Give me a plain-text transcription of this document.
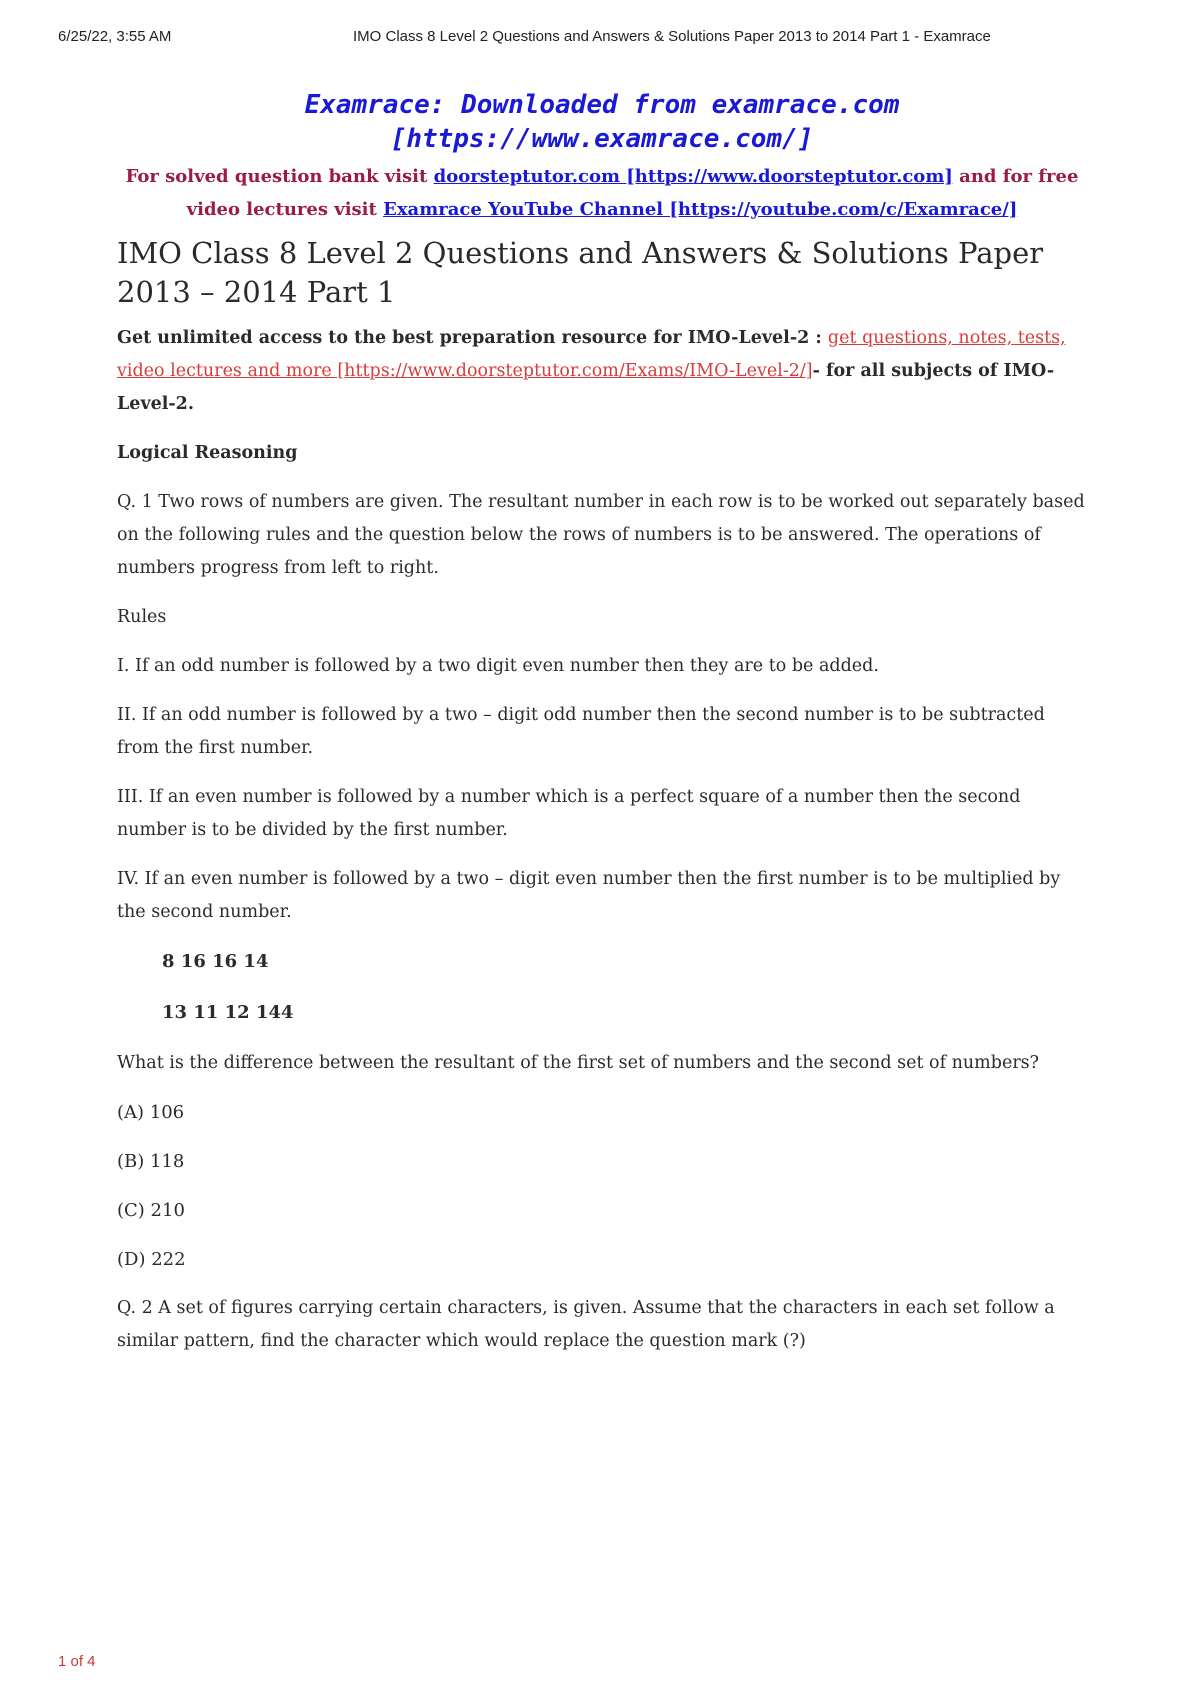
6/25/22, 3:55 AM	IMO Class 8 Level 2 Questions and Answers & Solutions Paper 2013 to 2014 Part 1 - Examrace

Examrace: Downloaded from examrace.com [https://www.examrace.com/]

For solved question bank visit doorsteptutor.com [https://www.doorsteptutor.com] and for free video lectures visit Examrace YouTube Channel [https://youtube.com/c/Examrace/]

IMO Class 8 Level 2 Questions and Answers & Solutions Paper 2013 – 2014 Part 1

Get unlimited access to the best preparation resource for IMO-Level-2 : get questions, notes, tests, video lectures and more [https://www.doorsteptutor.com/Exams/IMO-Level-2/]- for all subjects of IMO-Level-2.

Logical Reasoning

Q. 1 Two rows of numbers are given. The resultant number in each row is to be worked out separately based on the following rules and the question below the rows of numbers is to be answered. The operations of numbers progress from left to right.

Rules

I. If an odd number is followed by a two digit even number then they are to be added.

II. If an odd number is followed by a two – digit odd number then the second number is to be subtracted from the first number.

III. If an even number is followed by a number which is a perfect square of a number then the second number is to be divided by the first number.

IV. If an even number is followed by a two – digit even number then the first number is to be multiplied by the second number.

8 16 16 14

13 11 12 144

What is the difference between the resultant of the first set of numbers and the second set of numbers?

(A) 106

(B) 118

(C) 210

(D) 222

Q. 2 A set of figures carrying certain characters, is given. Assume that the characters in each set follow a similar pattern, find the character which would replace the question mark (?)

1 of 4
